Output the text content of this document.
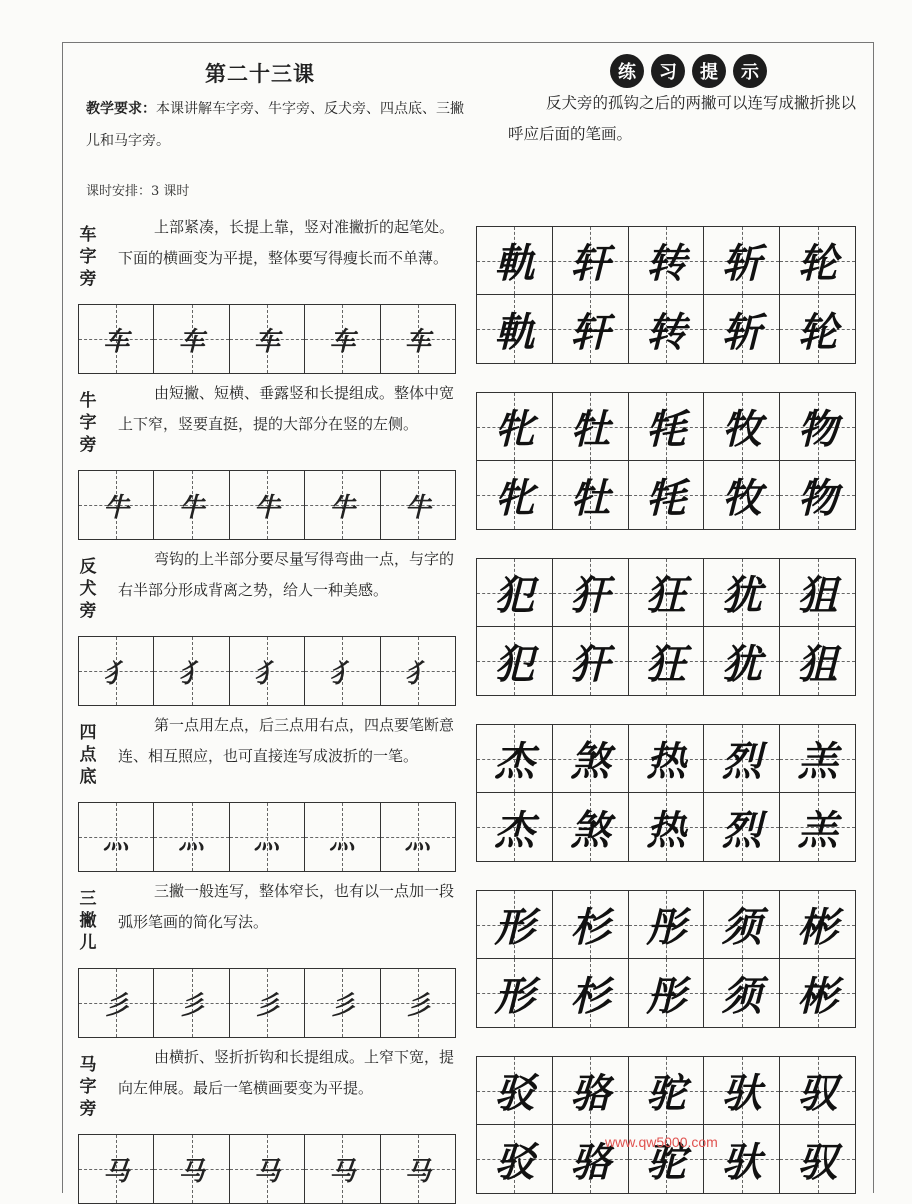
第二十三课
教学要求：本课讲解车字旁、牛字旁、反犬旁、四点底、三撇儿和马字旁。
课时安排：3 课时
练	习	提	示
反犬旁的孤钩之后的两撇可以连写成撇折挑以呼应后面的笔画。
车字旁
上部紧凑，长提上靠，竖对准撇折的起笔处。下面的横画变为平提，整体要写得瘦长而不单薄。
车	车	车	车	车
軌 轩 转 斩 轮
軌 轩 转 斩 轮
牛字旁
由短撇、短横、垂露竖和长提组成。整体中宽上下窄，竖要直挺，提的大部分在竖的左侧。
牛	牛	牛	牛	牛
牝 牡 牦 牧 物
牝 牡 牦 牧 物
反犬旁
弯钩的上半部分要尽量写得弯曲一点，与字的右半部分形成背离之势，给人一种美感。
犭	犭	犭	犭	犭
犯 犴 狂 犹 狙
犯 犴 狂 犹 狙
四点底
第一点用左点，后三点用右点，四点要笔断意连、相互照应，也可直接连写成波折的一笔。
灬	灬	灬	灬	灬
杰 煞 热 烈 羔
杰 煞 热 烈 羔
三撇儿
三撇一般连写，整体窄长，也有以一点加一段弧形笔画的简化写法。
彡	彡	彡	彡	彡
形 杉 彤 须 彬
形 杉 彤 须 彬
马字旁
由横折、竖折折钩和长提组成。上窄下宽，提向左伸展。最后一笔横画要变为平提。
马	马	马	马	马
驳 骆 驼 驮 驭
驳 骆 驼 驮 驭
www.qw5000.com
